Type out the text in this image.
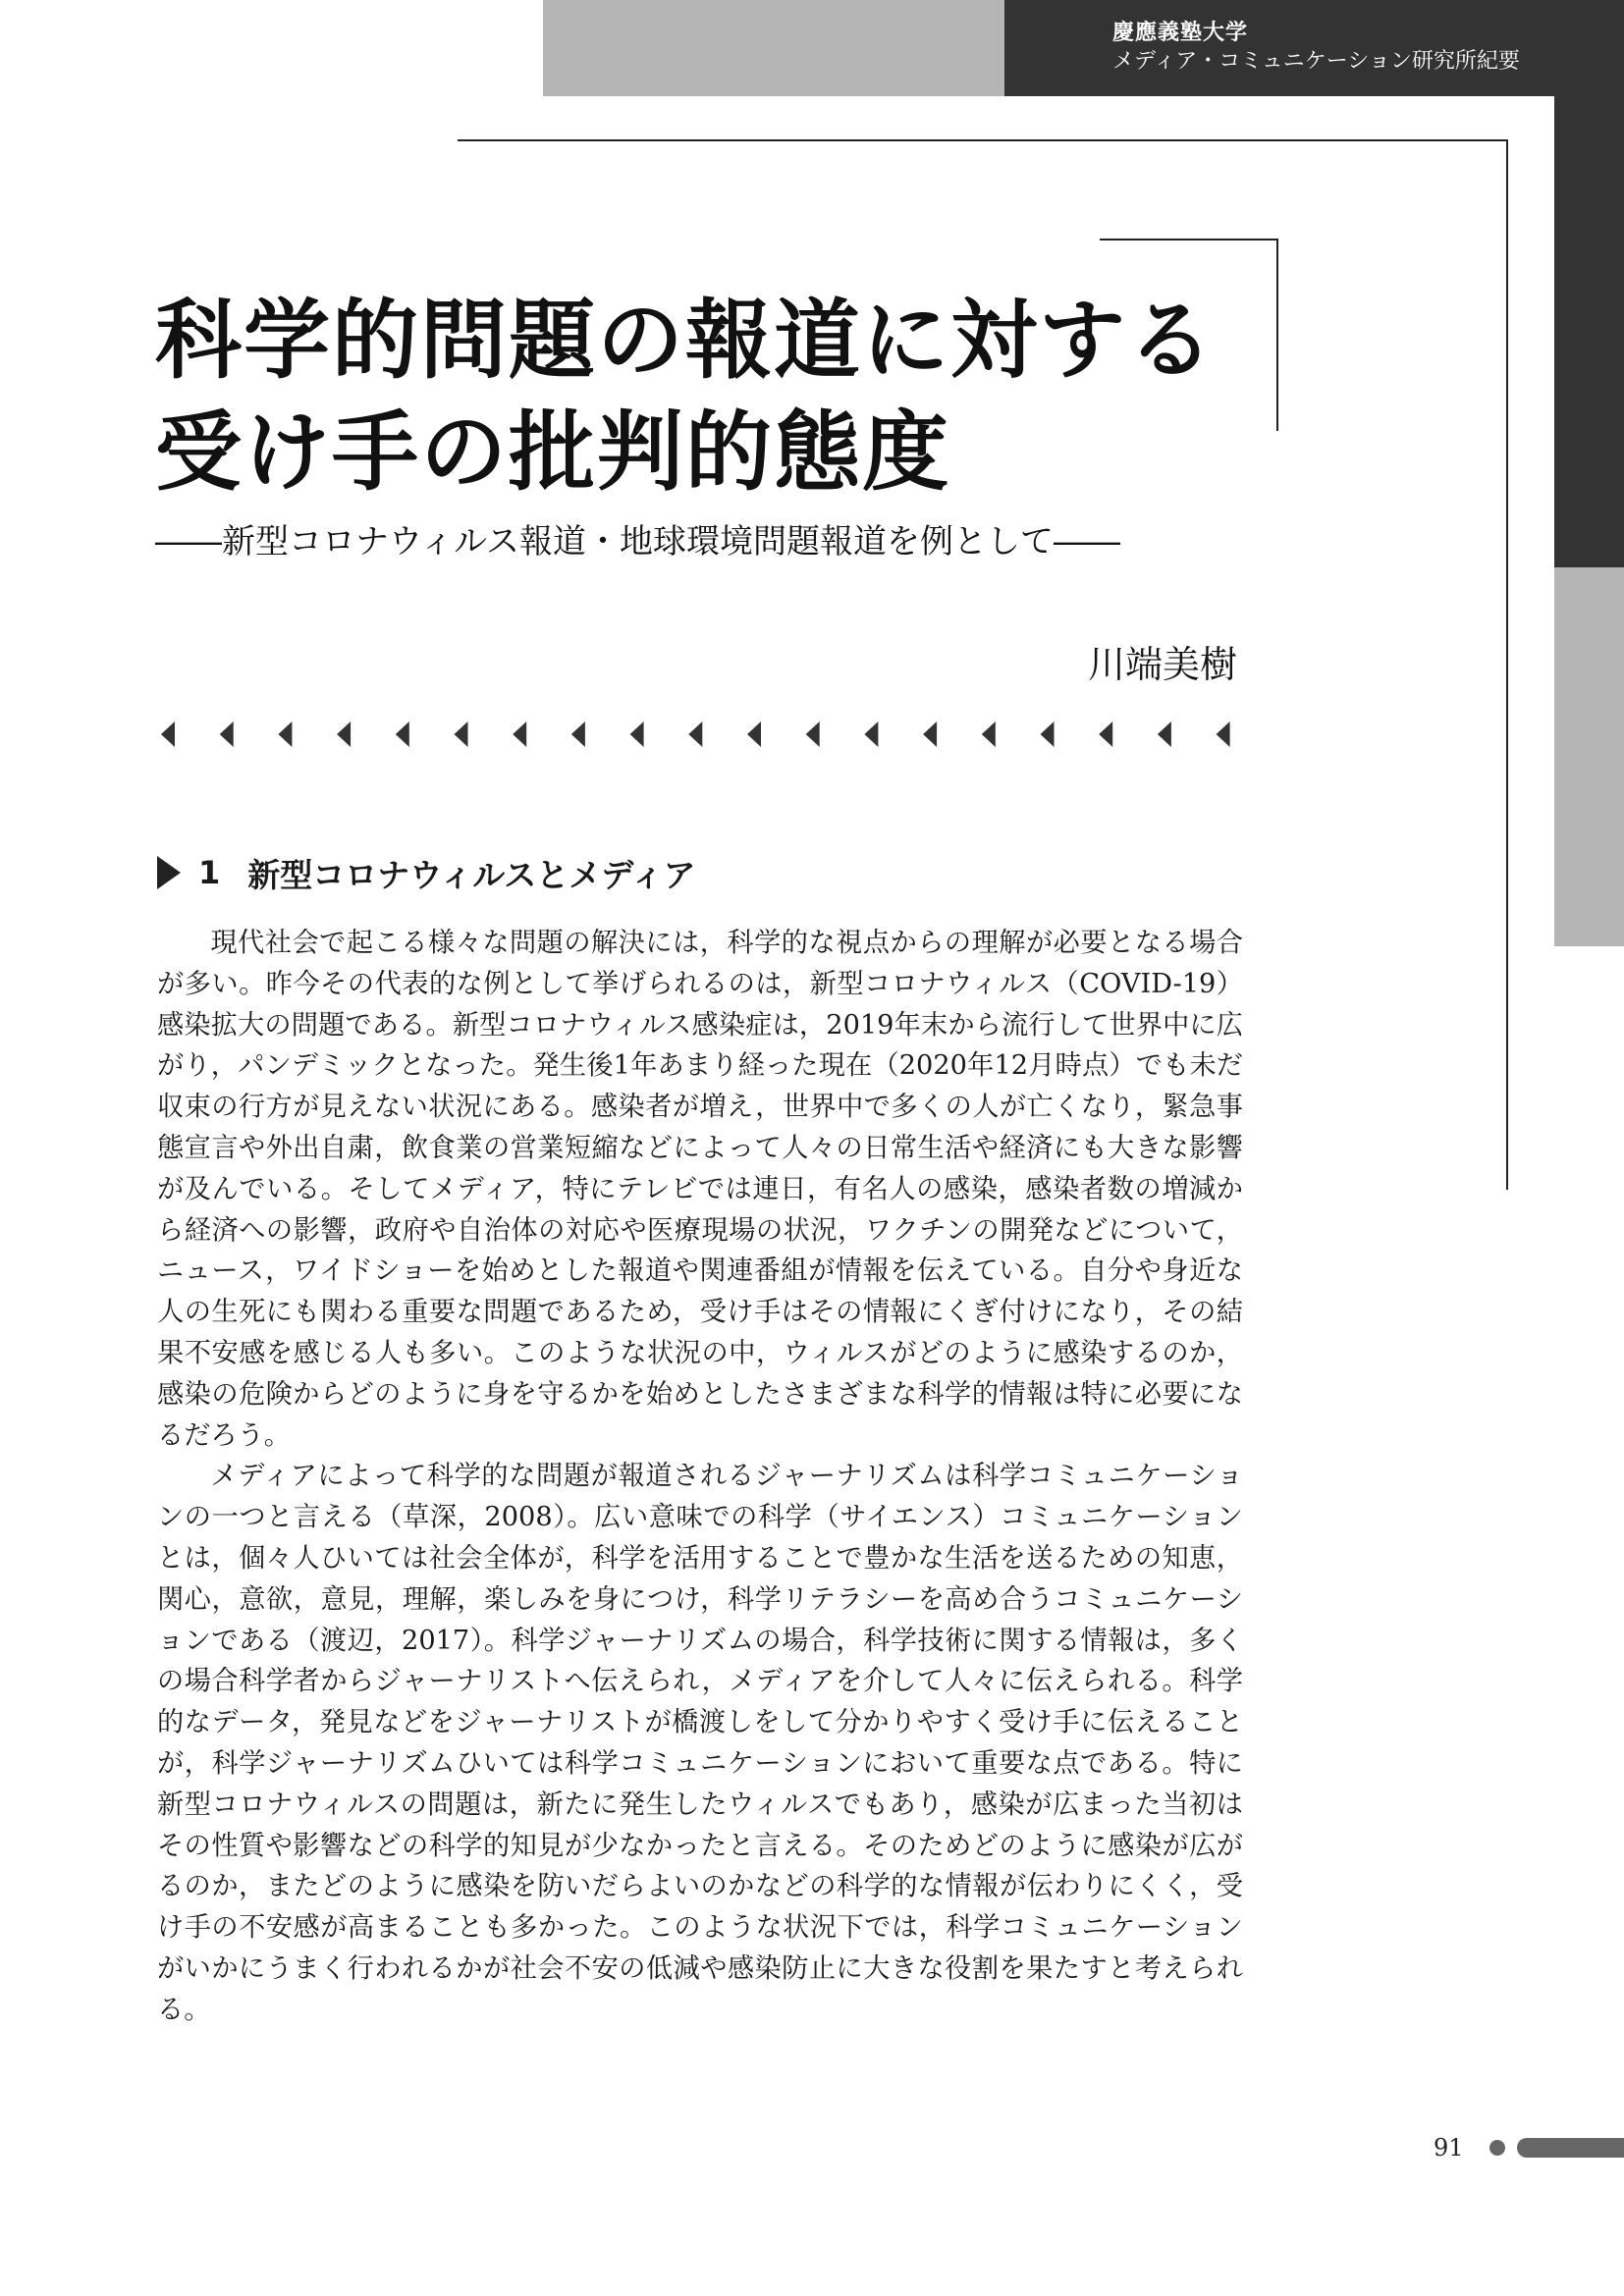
慶應義塾大学
メディア・コミュニケーション研究所紀要
科学的問題の報道に対する
受け手の批判的態度
――新型コロナウィルス報道・地球環境問題報道を例として――
川端美樹
1 新型コロナウィルスとメディア

現代社会で起こる様々な問題の解決には，科学的な視点からの理解が必要となる場合が多い。昨今その代表的な例として挙げられるのは，新型コロナウィルス（COVID-19）感染拡大の問題である。新型コロナウィルス感染症は，2019年末から流行して世界中に広がり，パンデミックとなった。発生後1年あまり経った現在（2020年12月時点）でも未だ収束の行方が見えない状況にある。感染者が増え，世界中で多くの人が亡くなり，緊急事態宣言や外出自粛，飲食業の営業短縮などによって人々の日常生活や経済にも大きな影響が及んでいる。そしてメディア，特にテレビでは連日，有名人の感染，感染者数の増減から経済への影響，政府や自治体の対応や医療現場の状況，ワクチンの開発などについて，ニュース，ワイドショーを始めとした報道や関連番組が情報を伝えている。自分や身近な人の生死にも関わる重要な問題であるため，受け手はその情報にくぎ付けになり，その結果不安感を感じる人も多い。このような状況の中，ウィルスがどのように感染するのか，感染の危険からどのように身を守るかを始めとしたさまざまな科学的情報は特に必要になるだろう。

メディアによって科学的な問題が報道されるジャーナリズムは科学コミュニケーションの一つと言える（草深，2008）。広い意味での科学（サイエンス）コミュニケーションとは，個々人ひいては社会全体が，科学を活用することで豊かな生活を送るための知恵，関心，意欲，意見，理解，楽しみを身につけ，科学リテラシーを高め合うコミュニケーションである（渡辺，2017）。科学ジャーナリズムの場合，科学技術に関する情報は，多くの場合科学者からジャーナリストへ伝えられ，メディアを介して人々に伝えられる。科学的なデータ，発見などをジャーナリストが橋渡しをして分かりやすく受け手に伝えることが，科学ジャーナリズムひいては科学コミュニケーションにおいて重要な点である。特に新型コロナウィルスの問題は，新たに発生したウィルスでもあり，感染が広まった当初はその性質や影響などの科学的知見が少なかったと言える。そのためどのように感染が広がるのか，またどのように感染を防いだらよいのかなどの科学的な情報が伝わりにくく，受け手の不安感が高まることも多かった。このような状況下では，科学コミュニケーションがいかにうまく行われるかが社会不安の低減や感染防止に大きな役割を果たすと考えられる。

91
